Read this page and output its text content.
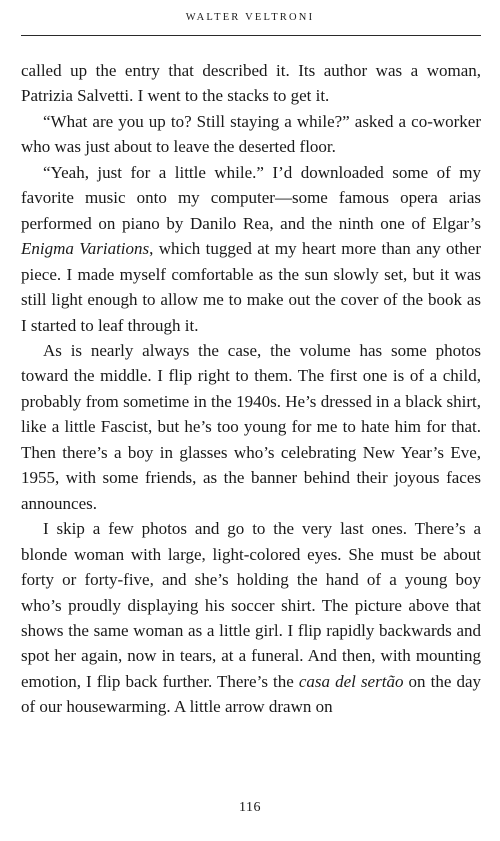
WALTER VELTRONI

called up the entry that described it. Its author was a woman, Patrizia Salvetti. I went to the stacks to get it.

“What are you up to? Still staying a while?” asked a co-worker who was just about to leave the deserted floor.

“Yeah, just for a little while.” I’d downloaded some of my favorite music onto my computer—some famous opera arias performed on piano by Danilo Rea, and the ninth one of Elgar’s Enigma Variations, which tugged at my heart more than any other piece. I made myself comfortable as the sun slowly set, but it was still light enough to allow me to make out the cover of the book as I started to leaf through it.

As is nearly always the case, the volume has some photos toward the middle. I flip right to them. The first one is of a child, probably from sometime in the 1940s. He’s dressed in a black shirt, like a little Fascist, but he’s too young for me to hate him for that. Then there’s a boy in glasses who’s celebrating New Year’s Eve, 1955, with some friends, as the banner behind their joyous faces announces.

I skip a few photos and go to the very last ones. There’s a blonde woman with large, light-colored eyes. She must be about forty or forty-five, and she’s holding the hand of a young boy who’s proudly displaying his soccer shirt. The picture above that shows the same woman as a little girl. I flip rapidly backwards and spot her again, now in tears, at a funeral. And then, with mounting emotion, I flip back further. There’s the casa del sertão on the day of our housewarming. A little arrow drawn on

116
